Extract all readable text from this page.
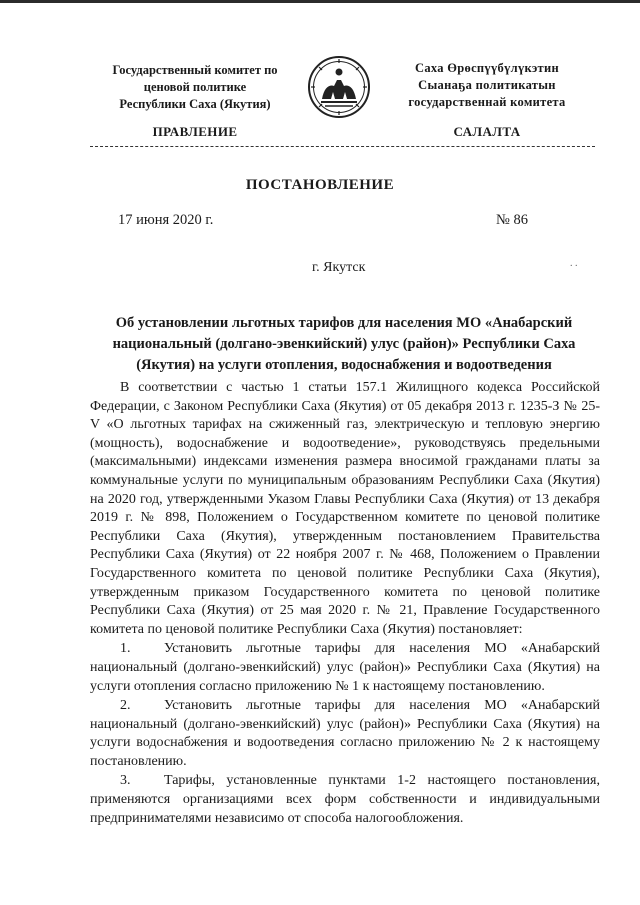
Государственный комитет по
ценовой политике
Республики Саха (Якутия)
Саха Өрөспүүбүлүкэтин
Сыанаҕа политикатын
государственнай комитета
ПРАВЛЕНИЕ	САЛАЛТА
ПОСТАНОВЛЕНИЕ
17 июня 2020 г.	№ 86
г. Якутск	. .
Об установлении льготных тарифов для населения МО «Анабарский национальный (долгано-эвенкийский) улус (район)» Республики Саха (Якутия) на услуги отопления, водоснабжения и водоотведения

В соответствии с частью 1 статьи 157.1 Жилищного кодекса Российской Федерации, с Законом Республики Саха (Якутия) от 05 декабря 2013 г. 1235-З № 25-V «О льготных тарифах на сжиженный газ, электрическую и тепловую энергию (мощность), водоснабжение и водоотведение», руководствуясь предельными (максимальными) индексами изменения размера вносимой гражданами платы за коммунальные услуги по муниципальным образованиям Республики Саха (Якутия) на 2020 год, утвержденными Указом Главы Республики Саха (Якутия) от 13 декабря 2019 г. № 898, Положением о Государственном комитете по ценовой политике Республики Саха (Якутия), утвержденным постановлением Правительства Республики Саха (Якутия) от 22 ноября 2007 г. № 468, Положением о Правлении Государственного комитета по ценовой политике Республики Саха (Якутия), утвержденным приказом Государственного комитета по ценовой политике Республики Саха (Якутия) от 25 мая 2020 г. № 21, Правление Государственного комитета по ценовой политике Республики Саха (Якутия) постановляет:

1. Установить льготные тарифы для населения МО «Анабарский национальный (долгано-эвенкийский) улус (район)» Республики Саха (Якутия) на услуги отопления согласно приложению № 1 к настоящему постановлению.

2. Установить льготные тарифы для населения МО «Анабарский национальный (долгано-эвенкийский) улус (район)» Республики Саха (Якутия) на услуги водоснабжения и водоотведения согласно приложению № 2 к настоящему постановлению.

3. Тарифы, установленные пунктами 1-2 настоящего постановления, применяются организациями всех форм собственности и индивидуальными предпринимателями независимо от способа налогообложения.
